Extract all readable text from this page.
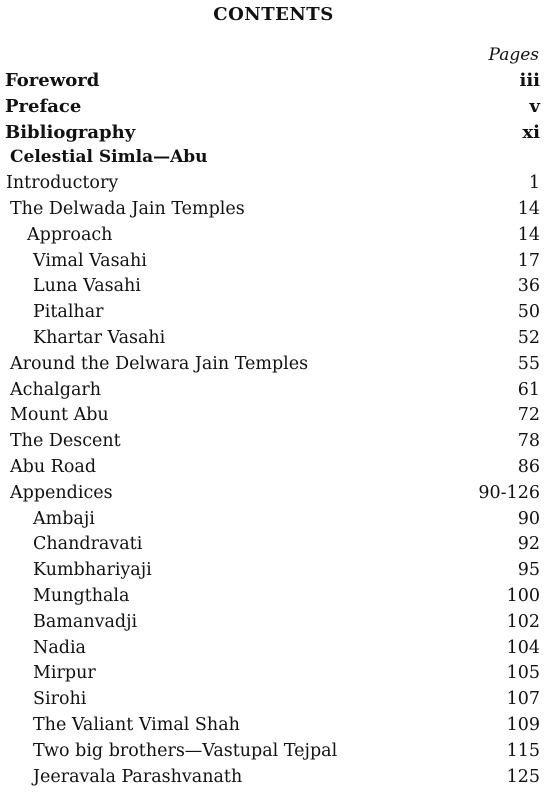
CONTENTS
Pages
Foreword	iii
Preface	v
Bibliography	xi
Celestial Simla—Abu
Introductory	1
The Delwada Jain Temples	14
Approach	14
Vimal Vasahi	17
Luna Vasahi	36
Pitalhar	50
Khartar Vasahi	52
Around the Delwara Jain Temples	55
Achalgarh	61
Mount Abu	72
The Descent	78
Abu Road	86
Appendices	90-126
Ambaji	90
Chandravati	92
Kumbhariyaji	95
Mungthala	100
Bamanvadji	102
Nadia	104
Mirpur	105
Sirohi	107
The Valiant Vimal Shah	109
Two big brothers—Vastupal Tejpal	115
Jeeravala Parashvanath	125
